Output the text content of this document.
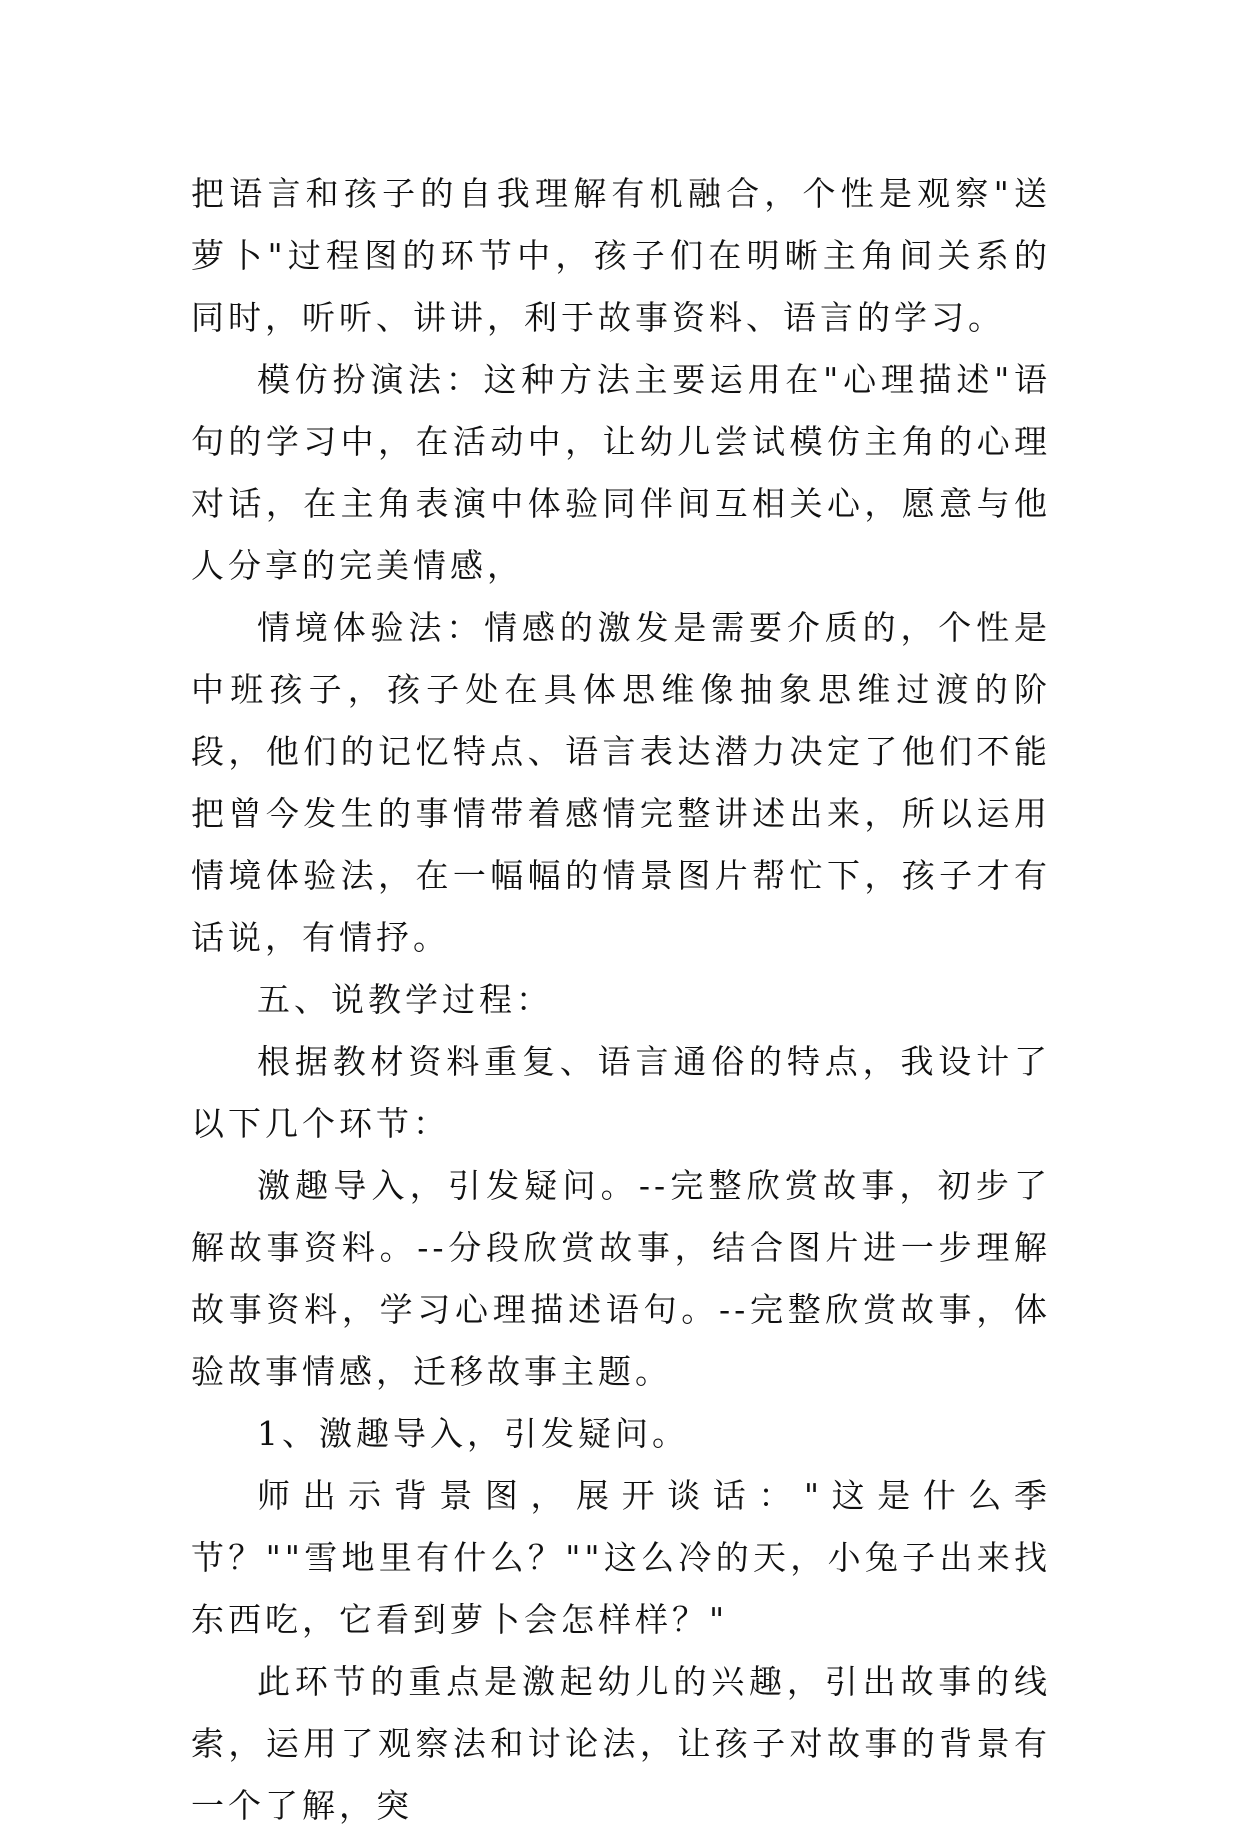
把语言和孩子的自我理解有机融合，个性是观察"送萝卜"过程图的环节中，孩子们在明晰主角间关系的同时，听听、讲讲，利于故事资料、语言的学习。

模仿扮演法：这种方法主要运用在"心理描述"语句的学习中，在活动中，让幼儿尝试模仿主角的心理对话，在主角表演中体验同伴间互相关心，愿意与他人分享的完美情感，

情境体验法：情感的激发是需要介质的，个性是中班孩子，孩子处在具体思维像抽象思维过渡的阶段，他们的记忆特点、语言表达潜力决定了他们不能把曾今发生的事情带着感情完整讲述出来，所以运用情境体验法，在一幅幅的情景图片帮忙下，孩子才有话说，有情抒。

五、说教学过程：

根据教材资料重复、语言通俗的特点，我设计了以下几个环节：

激趣导入，引发疑问。--完整欣赏故事，初步了解故事资料。--分段欣赏故事，结合图片进一步理解故事资料，学习心理描述语句。--完整欣赏故事，体验故事情感，迁移故事主题。

1、激趣导入，引发疑问。

师出示背景图，展开谈话："这是什么季节？""雪地里有什么？""这么冷的天，小兔子出来找东西吃，它看到萝卜会怎样样？"

此环节的重点是激起幼儿的兴趣，引出故事的线索，运用了观察法和讨论法，让孩子对故事的背景有一个了解，突
